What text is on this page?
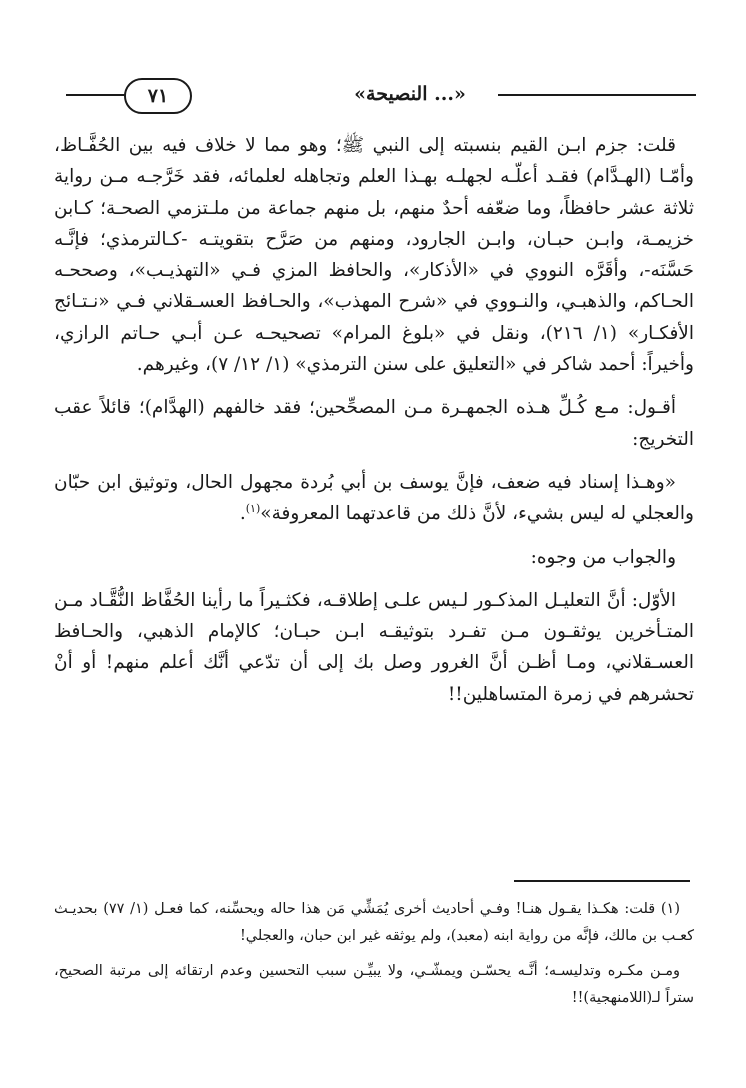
٧١	«النصيحة ...»

قلت: جزم ابـن القيم بنسبته إلى النبي ﷺ؛ وهو مما لا خلاف فيه بين الحُفَّـاظ، وأمّـا (الهـدَّام) فقـد أعلّـه لجهلـه بهـذا العلم وتجاهله لعلمائه، فقد خَرَّجـه مـن رواية ثلاثة عشر حافظاً، وما ضعّفه أحدٌ منهم، بل منهم جماعة من ملـتزمي الصحـة؛ كـابن خزيمـة، وابـن حبـان، وابـن الجارود، ومنهم من صَرَّح بتقويتـه -كـالترمذي؛ فإنَّـه حَسَّنَه-، وأقَرَّه النووي في «الأذكار»، والحافظ المزي فـي «التهذيـب»، وصححـه الحـاكم، والذهبـي، والنـووي في «شرح المهذب»، والحـافظ العسـقلاني فـي «نـتـائج الأفكـار» (١/ ٢١٦)، ونقل في «بلوغ المرام» تصحيحـه عـن أبـي حـاتم الرازي، وأخيراً: أحمد شاكر في «التعليق على سنن الترمذي» (١/ ١٢/ ٧)، وغيرهم.

أقـول: مـع كُـلِّ هـذه الجمهـرة مـن المصحِّحين؛ فقد خالفهم (الهدَّام)؛ قائلاً عقب التخريج:

«وهـذا إسناد فيه ضعف، فإنَّ يوسف بن أبي بُردة مجهول الحال، وتوثيق ابن حبّان والعجلي له ليس بشيء، لأنَّ ذلك من قاعدتهما المعروفة»$^{(١)}$.

والجواب من وجوه:

الأوّل: أنَّ التعليـل المذكـور لـيس علـى إطلاقـه، فكثـيراً ما رأينا الحُفَّاظ النُّقَّـاد مـن المتـأخرين يوثقـون مـن تفـرد بتوثيقـه ابـن حبـان؛ كالإمام الذهبي، والحـافظ العسـقلاني، ومـا أظـن أنَّ الغرور وصل بك إلى أن تدّعي أنَّك أعلم منهم! أو أنْ تحشرهم في زمرة المتساهلين!!

(١) قلت: هكـذا يقـول هنـا! وفـي أحاديث أخرى يُمَشِّي مَن هذا حاله ويحسِّنه، كما فعـل (١/ ٧٧) بحديـث كعـب بن مالك، فإنَّه من رواية ابنه (معبد)، ولم يوثقه غير ابن حبان، والعجلي!

ومـن مكـره وتدليسـه؛ أنَّـه يحسّـن ويمشّـي، ولا يبيِّـن سبب التحسين وعدم ارتقائه إلى مرتبة الصحيح، ستراً لـ(اللامنهجية)!!
